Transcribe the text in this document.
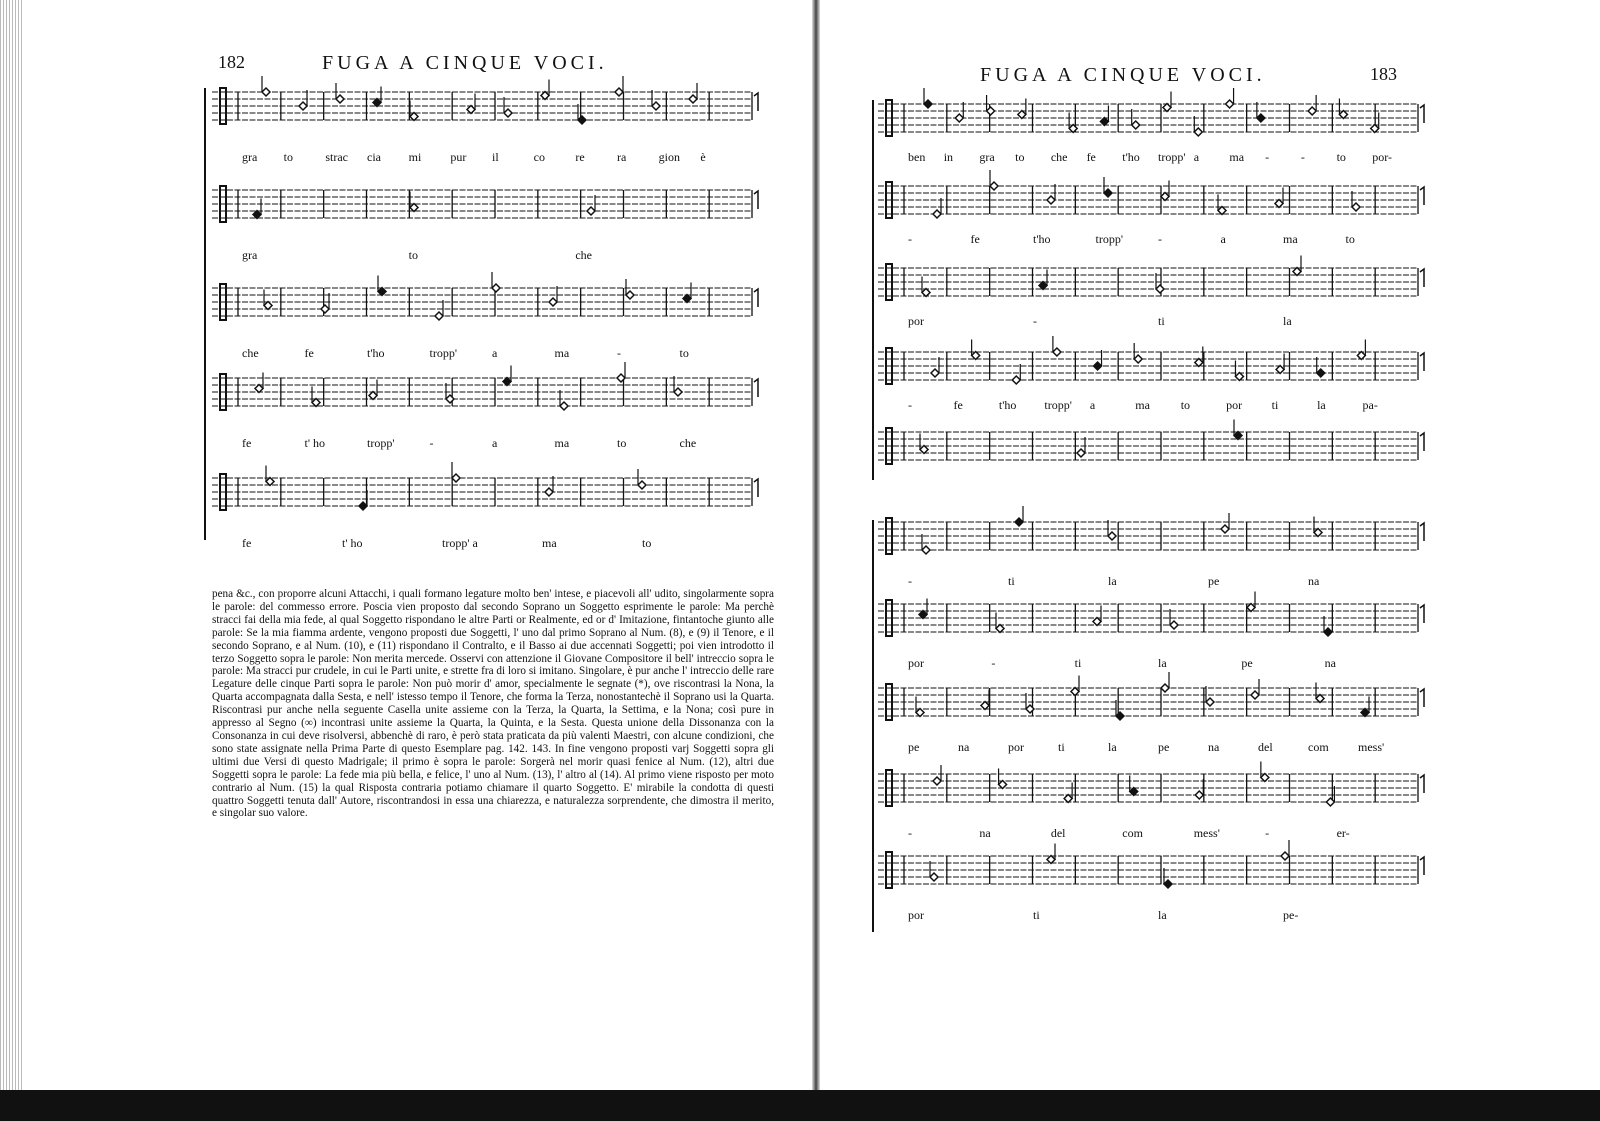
182	FUGA A CINQUE VOCI.
gra to	strac cia mi pur il	co	re	ra	gion è
gra	to	che
che	fe	t'ho	tropp'	a	ma	-	to
fe	t' ho	tropp'	-	a	ma	to	che
fe	t' ho	tropp' a	ma	to

pena &c., con proporre alcuni Attacchi, i quali formano legature molto ben' intese, e piacevoli all' udito, singolarmente sopra le parole: del commesso errore. Poscia vien proposto dal secondo Soprano un Soggetto esprimente le parole: Ma perchè stracci fai della mia fede, al qual Soggetto rispondano le altre Parti or Realmente, ed or d' Imitazione, fintantoche giunto alle parole: Se la mia fiamma ardente, vengono proposti due Soggetti, l' uno dal primo Soprano al Num. (8), e (9) il Tenore, e il secondo Soprano, e al Num. (10), e (11) rispondano il Contralto, e il Basso ai due accennati Soggetti; poi vien introdotto il terzo Soggetto sopra le parole: Non merita mercede. Osservi con attenzione il Giovane Compositore il bell' intreccio sopra le parole: Ma stracci pur crudele, in cui le Parti unite, e strette fra di loro si imitano. Singolare, è pur anche l' intreccio delle rare Legature delle cinque Parti sopra le parole: Non può morir d' amor, specialmente le segnate (*), ove riscontrasi la Nona, la Quarta accompagnata dalla Sesta, e nell' istesso tempo il Tenore, che forma la Terza, nonostantechè il Soprano usi la Quarta. Riscontrasi pur anche nella seguente Casella unite assieme con la Terza, la Quarta, la Settima, e la Nona; così pure in appresso al Segno (∞) incontrasi unite assieme la Quarta, la Quinta, e la Sesta. Questa unione della Dissonanza con la Consonanza in cui deve risolversi, abbenchè di raro, è però stata praticata da più valenti Maestri, con alcune condizioni, che sono state assignate nella Prima Parte di questo Esemplare pag. 142. 143. In fine vengono proposti varj Soggetti sopra gli ultimi due Versi di questo Madrigale; il primo è sopra le parole: Sorgerà nel morir quasi fenice al Num. (12), altri due Soggetti sopra le parole: La fede mia più bella, e felice, l' uno al Num. (13), l' altro al (14). Al primo viene risposto per moto contrario al Num. (15) la qual Risposta contraria potiamo chiamare il quarto Soggetto. E' mirabile la condotta di questi quattro Soggetti tenuta dall' Autore, riscontrandosi in essa una chiarezza, e naturalezza sorprendente, che dimostra il merito, e singolar suo valore.

FUGA A CINQUE VOCI.	183
ben in gra to che fe t'ho tropp' a	ma -	-	to por-
-	fe	t'ho	tropp'	-	a	ma	to
por	-	ti	la
-	fe	t'ho tropp' a	ma	to	por ti	la	pa-
-	ti	la	pe	na
por	-	ti	la	pe	na
pe	na	por	ti	la	pe	na	del	com mess'
-	na	del	com	mess'	-	er-
por	ti	la	pe-
